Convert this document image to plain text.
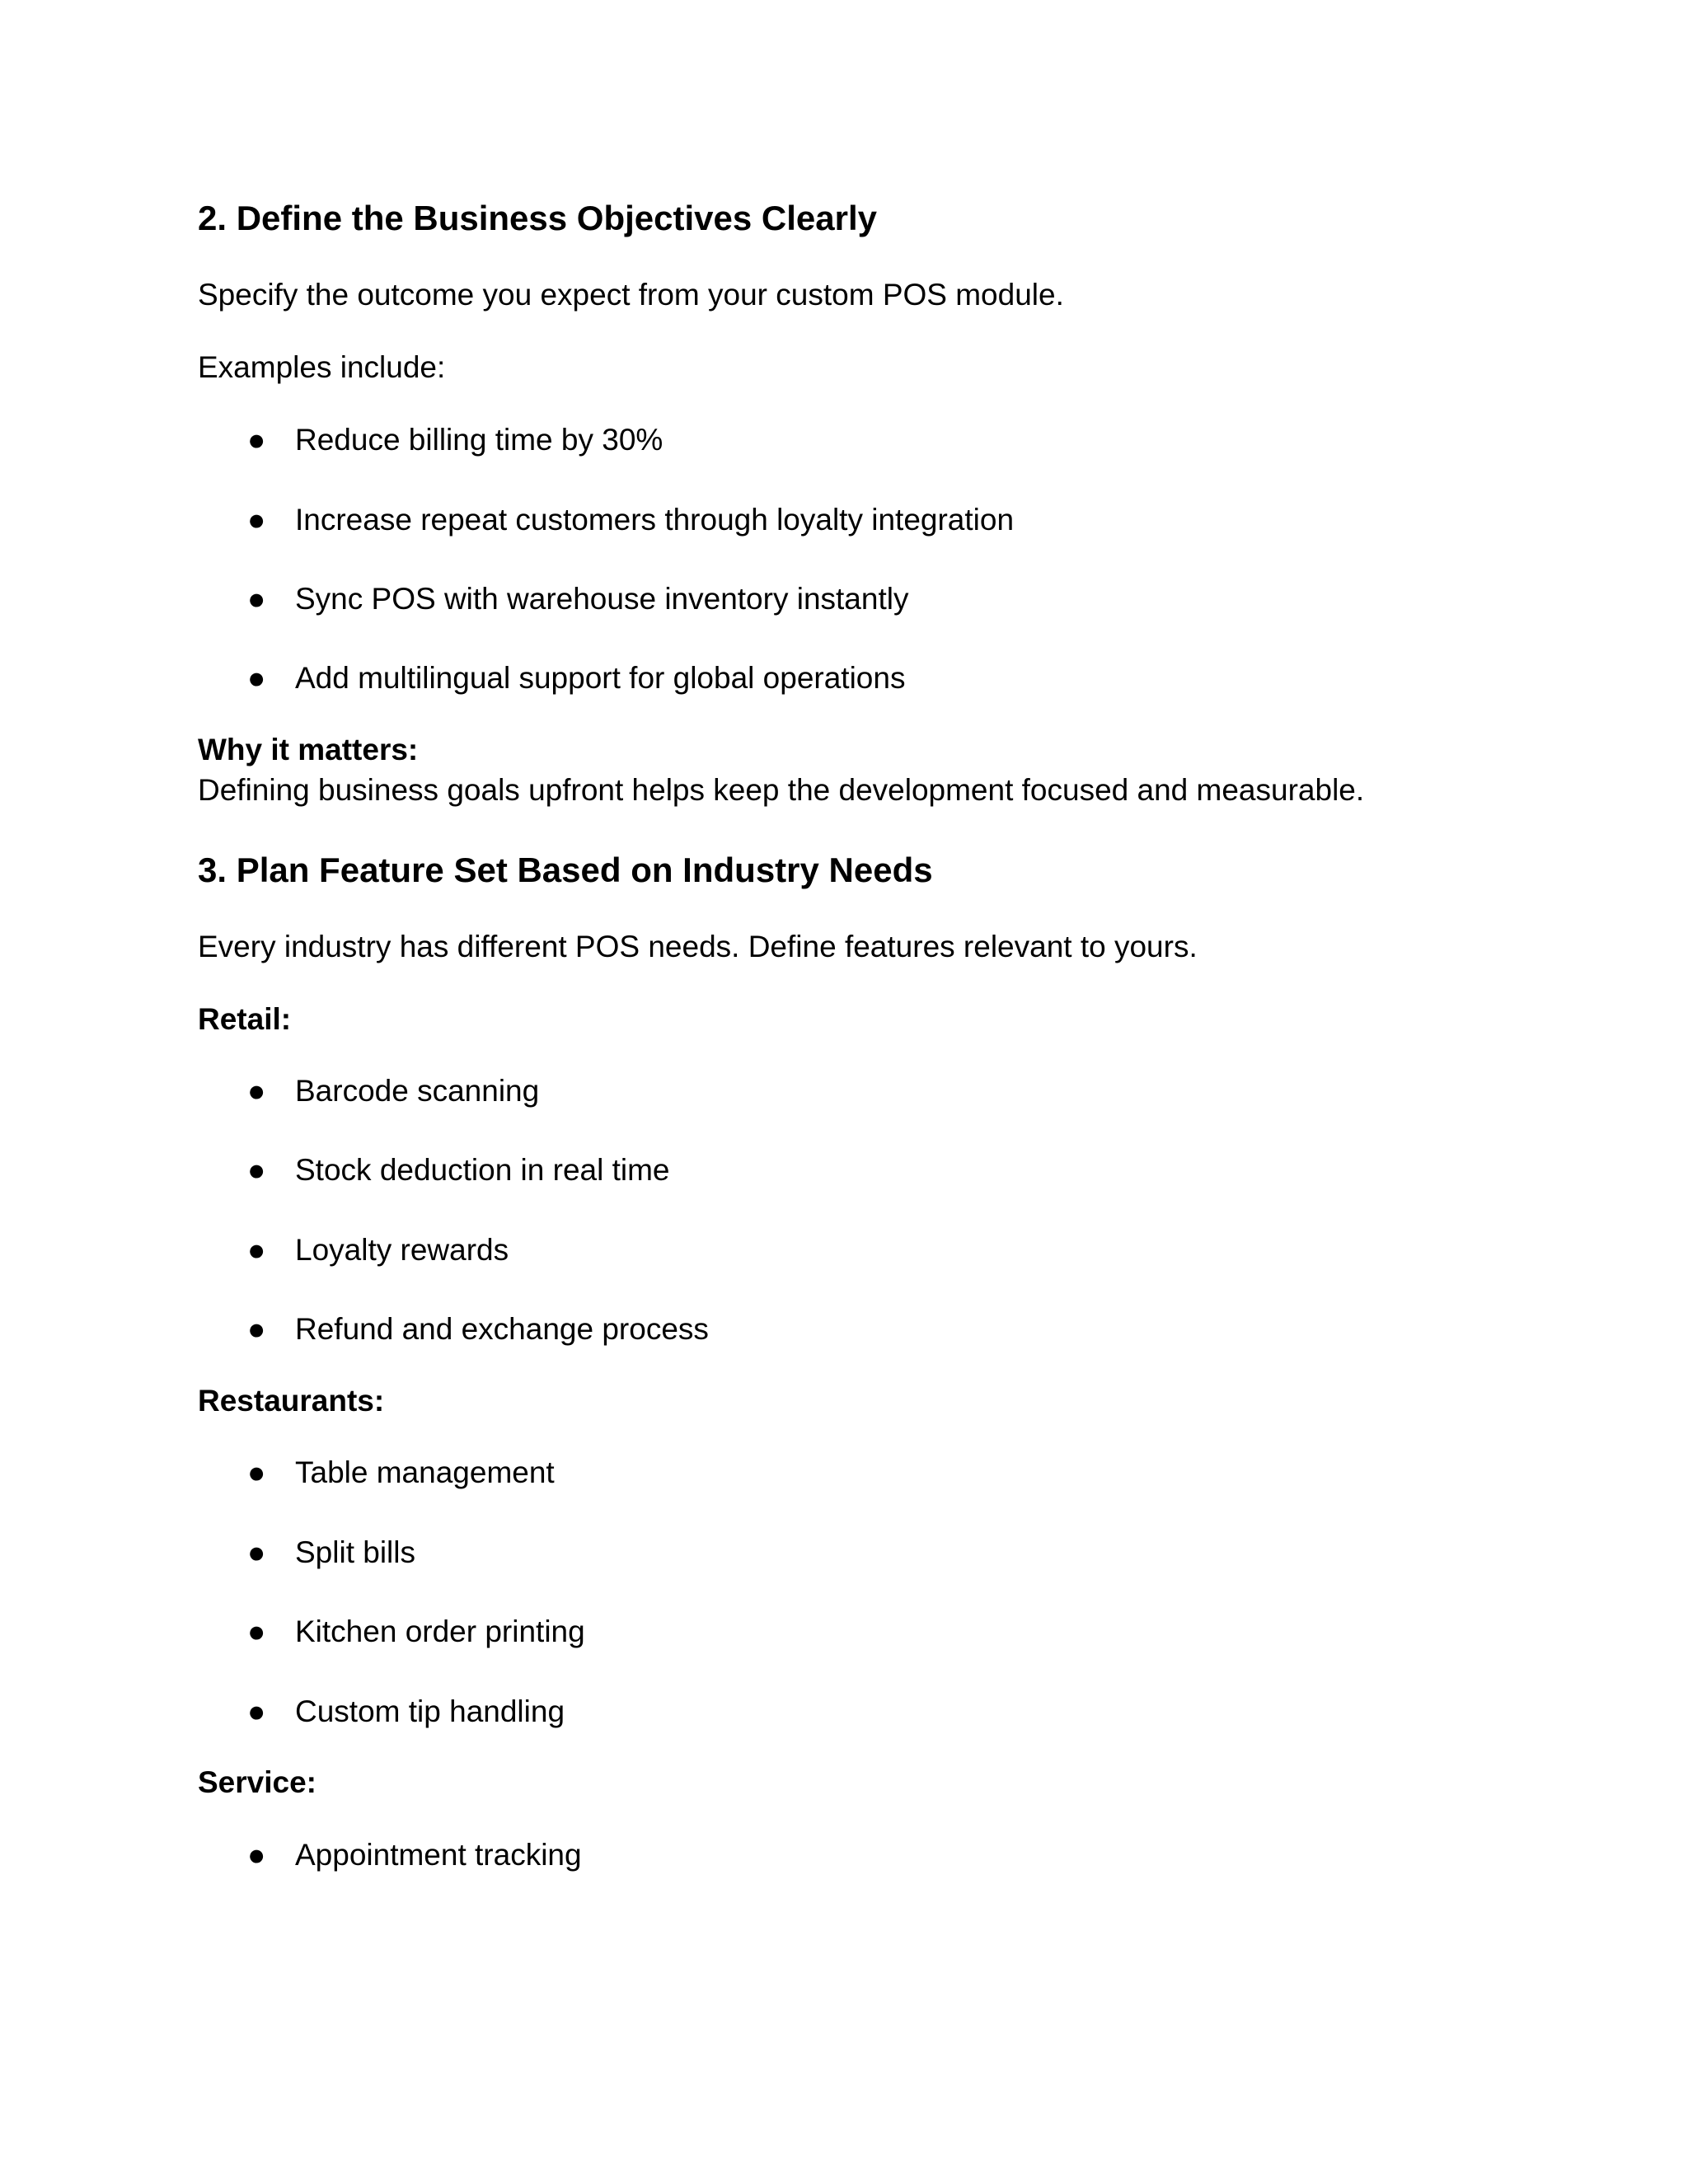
2. Define the Business Objectives Clearly
Specify the outcome you expect from your custom POS module.
Examples include:
● Reduce billing time by 30%
● Increase repeat customers through loyalty integration
● Sync POS with warehouse inventory instantly
● Add multilingual support for global operations
Why it matters:
Defining business goals upfront helps keep the development focused and measurable.
3. Plan Feature Set Based on Industry Needs
Every industry has different POS needs. Define features relevant to yours.
Retail:
● Barcode scanning
● Stock deduction in real time
● Loyalty rewards
● Refund and exchange process
Restaurants:
● Table management
● Split bills
● Kitchen order printing
● Custom tip handling
Service:
● Appointment tracking
